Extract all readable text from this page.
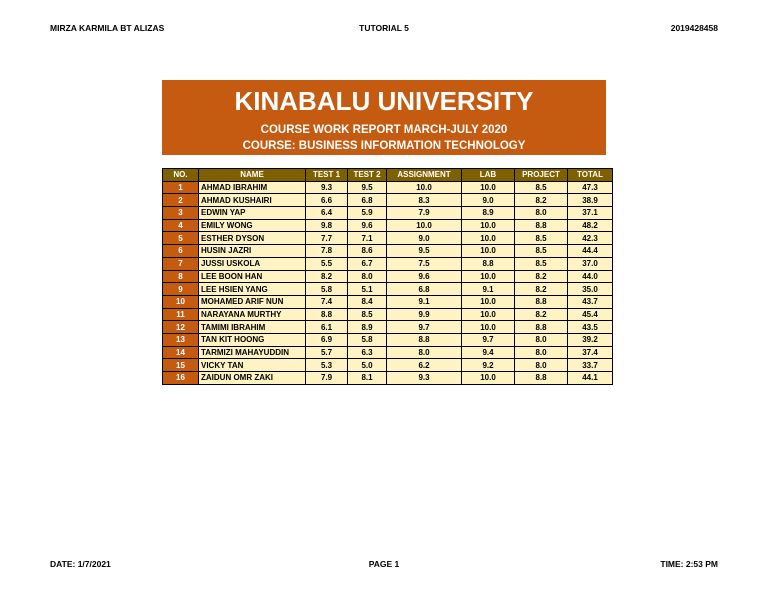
MIRZA KARMILA BT ALIZAS	TUTORIAL 5	2019428458
KINABALU UNIVERSITY
COURSE WORK REPORT MARCH-JULY 2020
COURSE: BUSINESS INFORMATION TECHNOLOGY
NO.	NAME	TEST 1	TEST 2	ASSIGNMENT	LAB	PROJECT	TOTAL
1	AHMAD IBRAHIM	9.3	9.5	10.0	10.0	8.5	47.3
2	AHMAD KUSHAIRI	6.6	6.8	8.3	9.0	8.2	38.9
3	EDWIN YAP	6.4	5.9	7.9	8.9	8.0	37.1
4	EMILY WONG	9.8	9.6	10.0	10.0	8.8	48.2
5	ESTHER DYSON	7.7	7.1	9.0	10.0	8.5	42.3
6	HUSIN JAZRI	7.8	8.6	9.5	10.0	8.5	44.4
7	JUSSI USKOLA	5.5	6.7	7.5	8.8	8.5	37.0
8	LEE BOON HAN	8.2	8.0	9.6	10.0	8.2	44.0
9	LEE HSIEN YANG	5.8	5.1	6.8	9.1	8.2	35.0
10	MOHAMED ARIF NUN	7.4	8.4	9.1	10.0	8.8	43.7
11	NARAYANA MURTHY	8.8	8.5	9.9	10.0	8.2	45.4
12	TAMIMI IBRAHIM	6.1	8.9	9.7	10.0	8.8	43.5
13	TAN KIT HOONG	6.9	5.8	8.8	9.7	8.0	39.2
14	TARMIZI MAHAYUDDIN	5.7	6.3	8.0	9.4	8.0	37.4
15	VICKY TAN	5.3	5.0	6.2	9.2	8.0	33.7
16	ZAIDUN OMR ZAKI	7.9	8.1	9.3	10.0	8.8	44.1
DATE: 1/7/2021	PAGE 1	TIME: 2:53 PM
